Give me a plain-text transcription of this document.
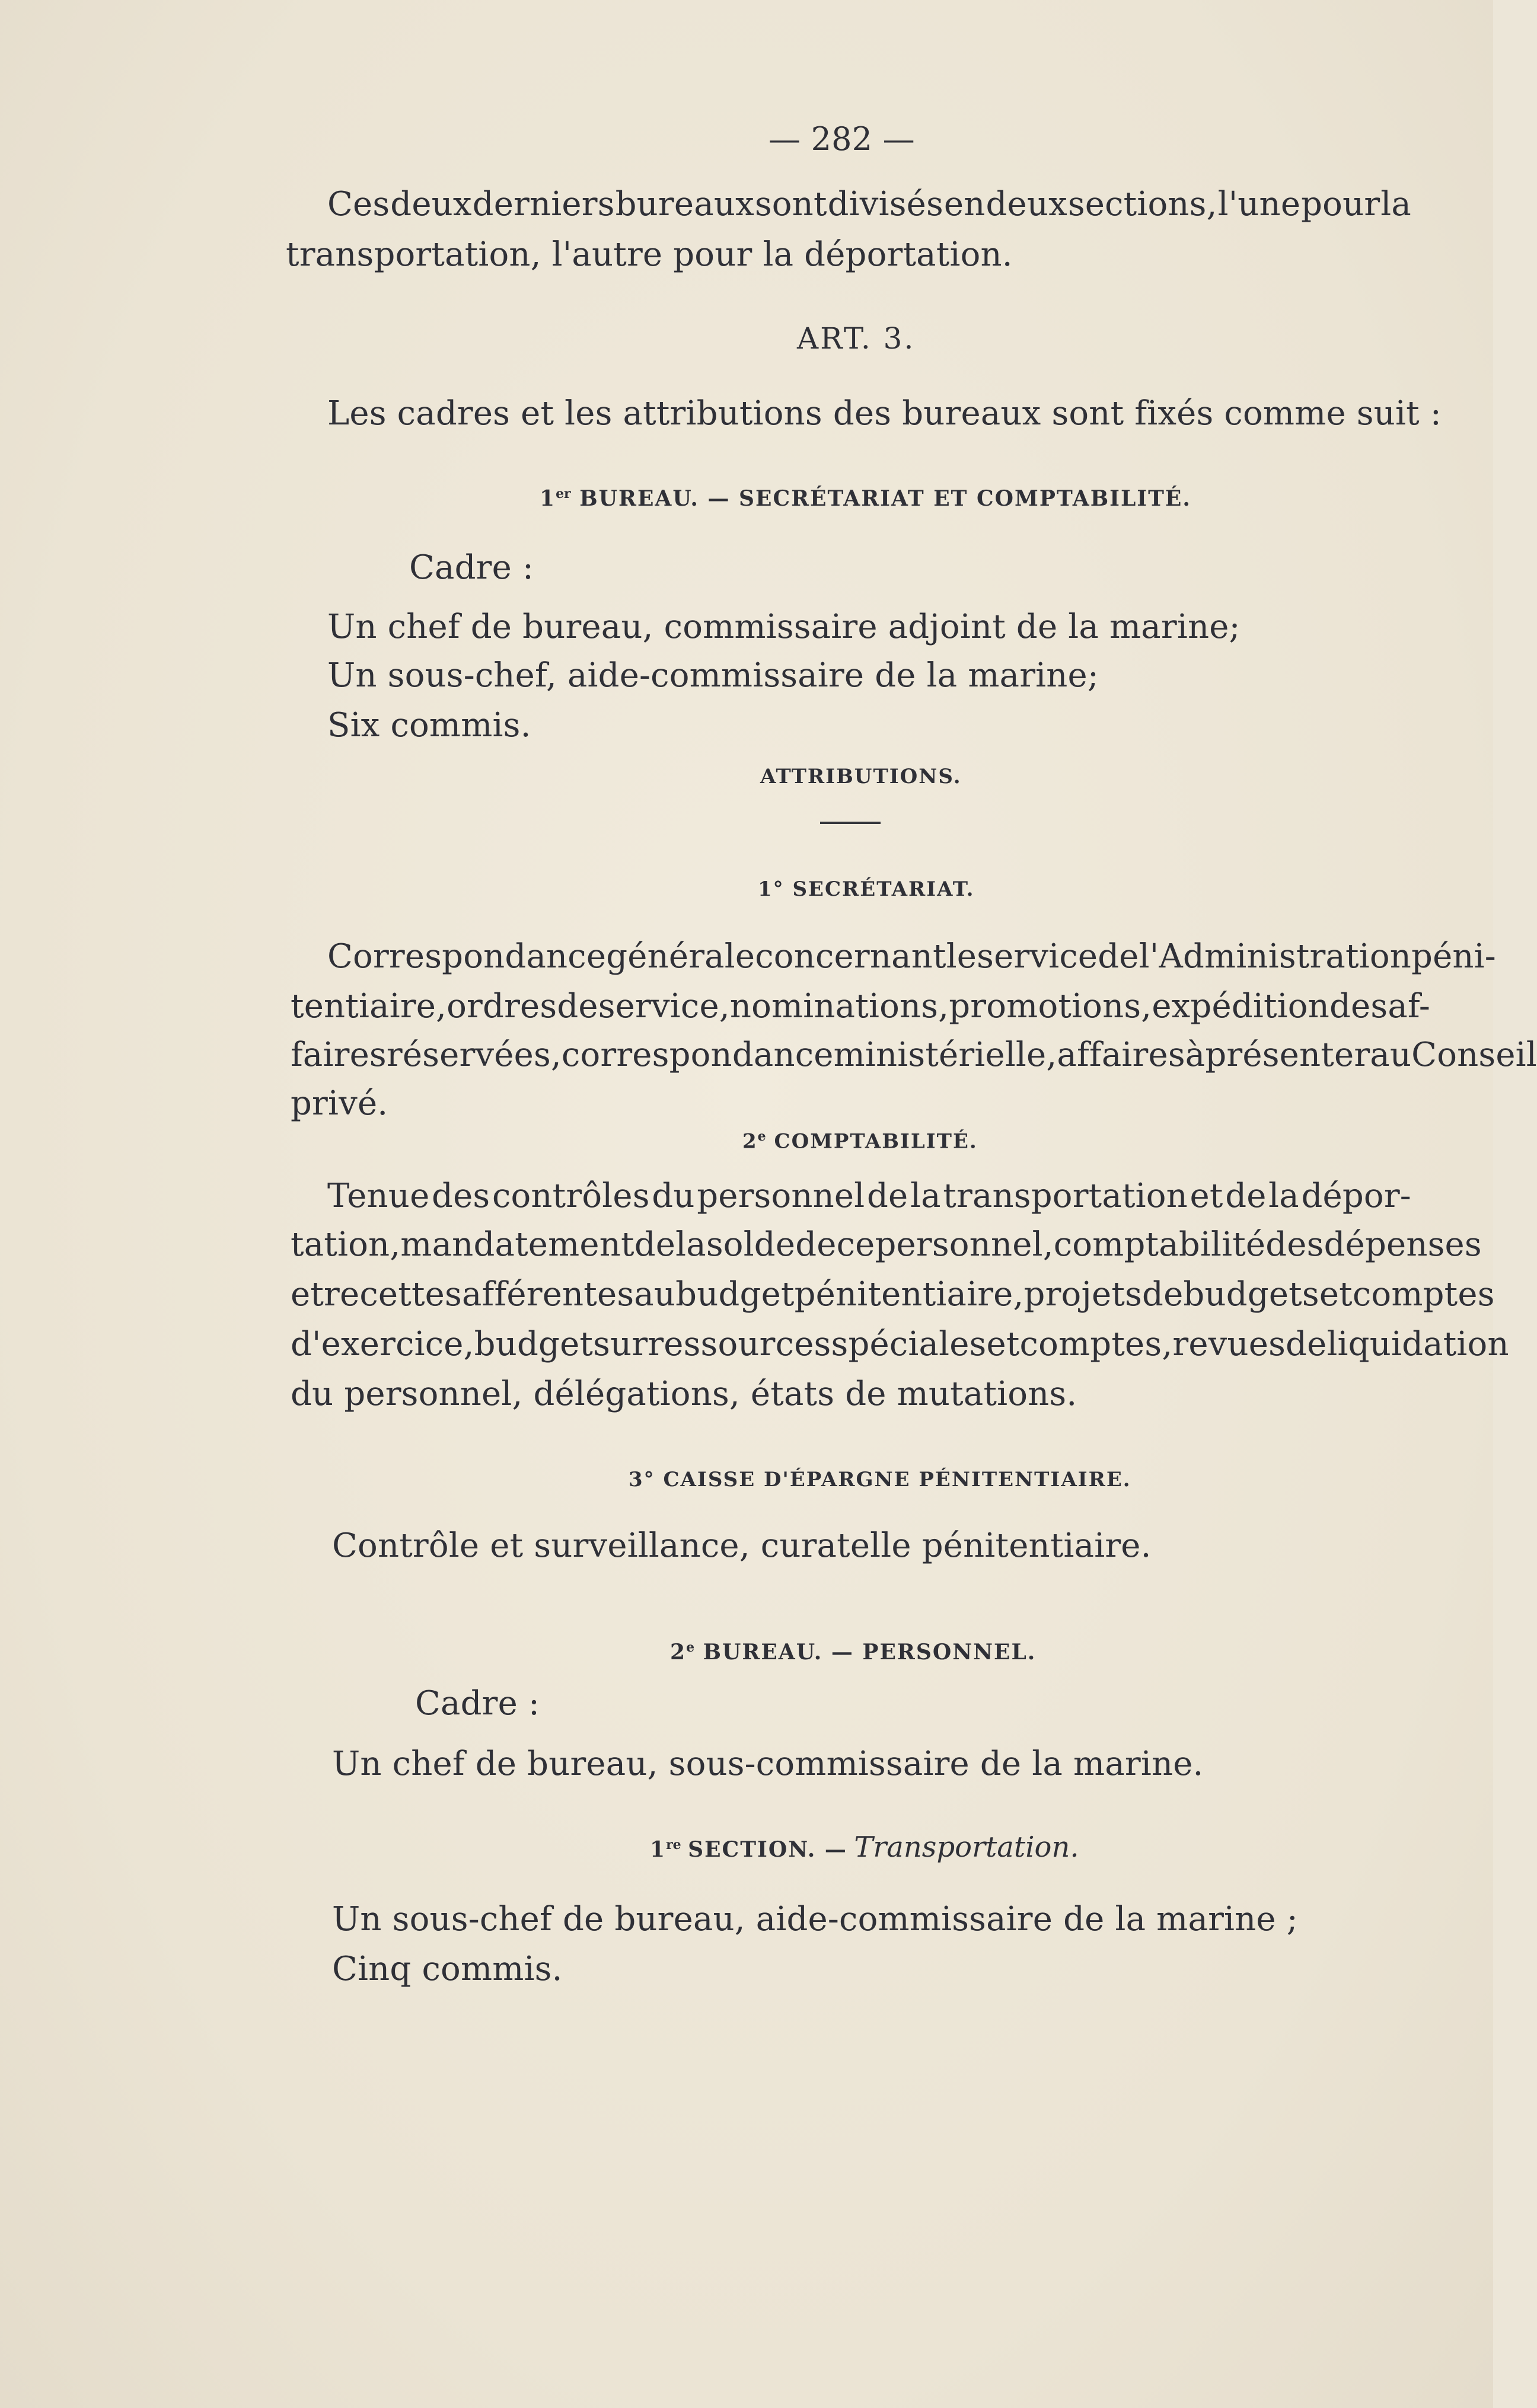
— 282 —
Ces deux derniers bureaux sont divisés en deux sections, l'une pour la
transportation, l'autre pour la déportation.
ART. 3.
Les cadres et les attributions des bureaux sont fixés comme suit :
1er BUREAU. — SECRÉTARIAT ET COMPTABILITÉ.
Cadre :
Un chef de bureau, commissaire adjoint de la marine;
Un sous-chef, aide-commissaire de la marine;
Six commis.
ATTRIBUTIONS.
1° SECRÉTARIAT.
Correspondance générale concernant le service de l'Administration péni-
tentiaire, ordres de service, nominations, promotions, expédition des af-
faires réservées, correspondance ministérielle, affaires à présenter au Conseil
privé.
2e COMPTABILITÉ.
Tenue des contrôles du personnel de la transportation et de la dépor-
tation, mandatement de la solde de ce personnel, comptabilité des dépenses
et recettes afférentes au budget pénitentiaire, projets de budgets et comptes
d'exercice, budget sur ressources spéciales et comptes, revues de liquidation
du personnel, délégations, états de mutations.
3° CAISSE D'ÉPARGNE PÉNITENTIAIRE.
Contrôle et surveillance, curatelle pénitentiaire.
2e BUREAU. — PERSONNEL.
Cadre :
Un chef de bureau, sous-commissaire de la marine.
1re SECTION. — Transportation.
Un sous-chef de bureau, aide-commissaire de la marine ;
Cinq commis.
